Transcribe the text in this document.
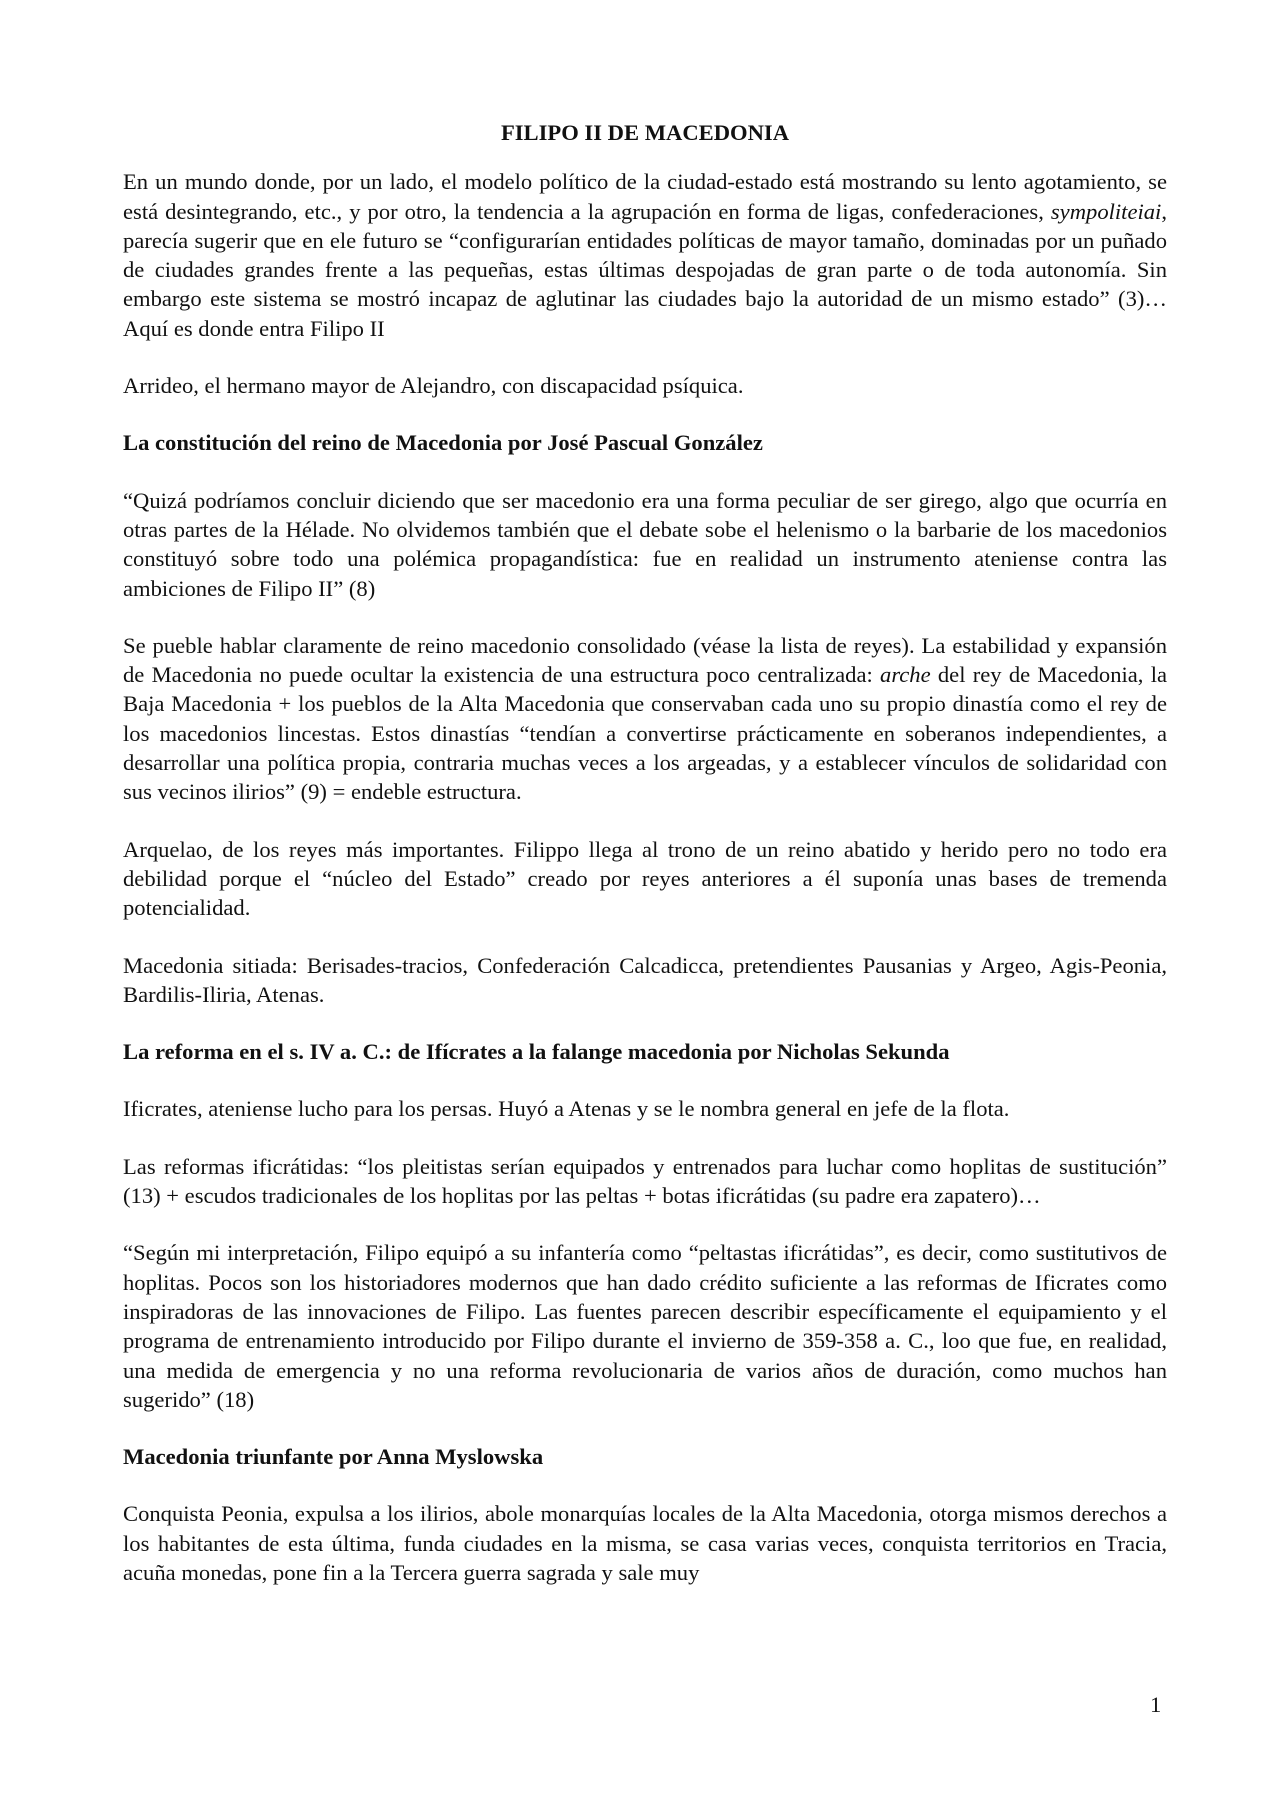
FILIPO II DE MACEDONIA

En un mundo donde, por un lado, el modelo político de la ciudad-estado está mostrando su lento agotamiento, se está desintegrando, etc., y por otro, la tendencia a la agrupación en forma de ligas, confederaciones, sympoliteiai, parecía sugerir que en ele futuro se “configurarían entidades políticas de mayor tamaño, dominadas por un puñado de ciudades grandes frente a las pequeñas, estas últimas despojadas de gran parte o de toda autonomía. Sin embargo este sistema se mostró incapaz de aglutinar las ciudades bajo la autoridad de un mismo estado” (3)… Aquí es donde entra Filipo II

Arrideo, el hermano mayor de Alejandro, con discapacidad psíquica.

La constitución del reino de Macedonia por José Pascual González

“Quizá podríamos concluir diciendo que ser macedonio era una forma peculiar de ser girego, algo que ocurría en otras partes de la Hélade. No olvidemos también que el debate sobe el helenismo o la barbarie de los macedonios constituyó sobre todo una polémica propagandística: fue en realidad un instrumento ateniense contra las ambiciones de Filipo II” (8)

Se pueble hablar claramente de reino macedonio consolidado (véase la lista de reyes). La estabilidad y expansión de Macedonia no puede ocultar la existencia de una estructura poco centralizada: arche del rey de Macedonia, la Baja Macedonia + los pueblos de la Alta Macedonia que conservaban cada uno su propio dinastía como el rey de los macedonios lincestas. Estos dinastías “tendían a convertirse prácticamente en soberanos independientes, a desarrollar una política propia, contraria muchas veces a los argeadas, y a establecer vínculos de solidaridad con sus vecinos ilirios” (9) = endeble estructura.

Arquelao, de los reyes más importantes. Filippo llega al trono de un reino abatido y herido pero no todo era debilidad porque el “núcleo del Estado” creado por reyes anteriores a él suponía unas bases de tremenda potencialidad.

Macedonia sitiada: Berisades-tracios, Confederación Calcadicca, pretendientes Pausanias y Argeo, Agis-Peonia, Bardilis-Iliria, Atenas.

La reforma en el s. IV a. C.: de Ifícrates a la falange macedonia por Nicholas Sekunda

Ificrates, ateniense lucho para los persas. Huyó a Atenas y se le nombra general en jefe de la flota.

Las reformas ificrátidas: “los pleitistas serían equipados y entrenados para luchar como hoplitas de sustitución” (13) + escudos tradicionales de los hoplitas por las peltas + botas ificrátidas (su padre era zapatero)…

“Según mi interpretación, Filipo equipó a su infantería como “peltastas ificrátidas”, es decir, como sustitutivos de hoplitas. Pocos son los historiadores modernos que han dado crédito suficiente a las reformas de Ificrates como inspiradoras de las innovaciones de Filipo. Las fuentes parecen describir específicamente el equipamiento y el programa de entrenamiento introducido por Filipo durante el invierno de 359-358 a. C., loo que fue, en realidad, una medida de emergencia y no una reforma revolucionaria de varios años de duración, como muchos han sugerido” (18)

Macedonia triunfante por Anna Myslowska

Conquista Peonia, expulsa a los ilirios, abole monarquías locales de la Alta Macedonia, otorga mismos derechos a los habitantes de esta última, funda ciudades en la misma, se casa varias veces, conquista territorios en Tracia, acuña monedas, pone fin a la Tercera guerra sagrada y sale muy

1
